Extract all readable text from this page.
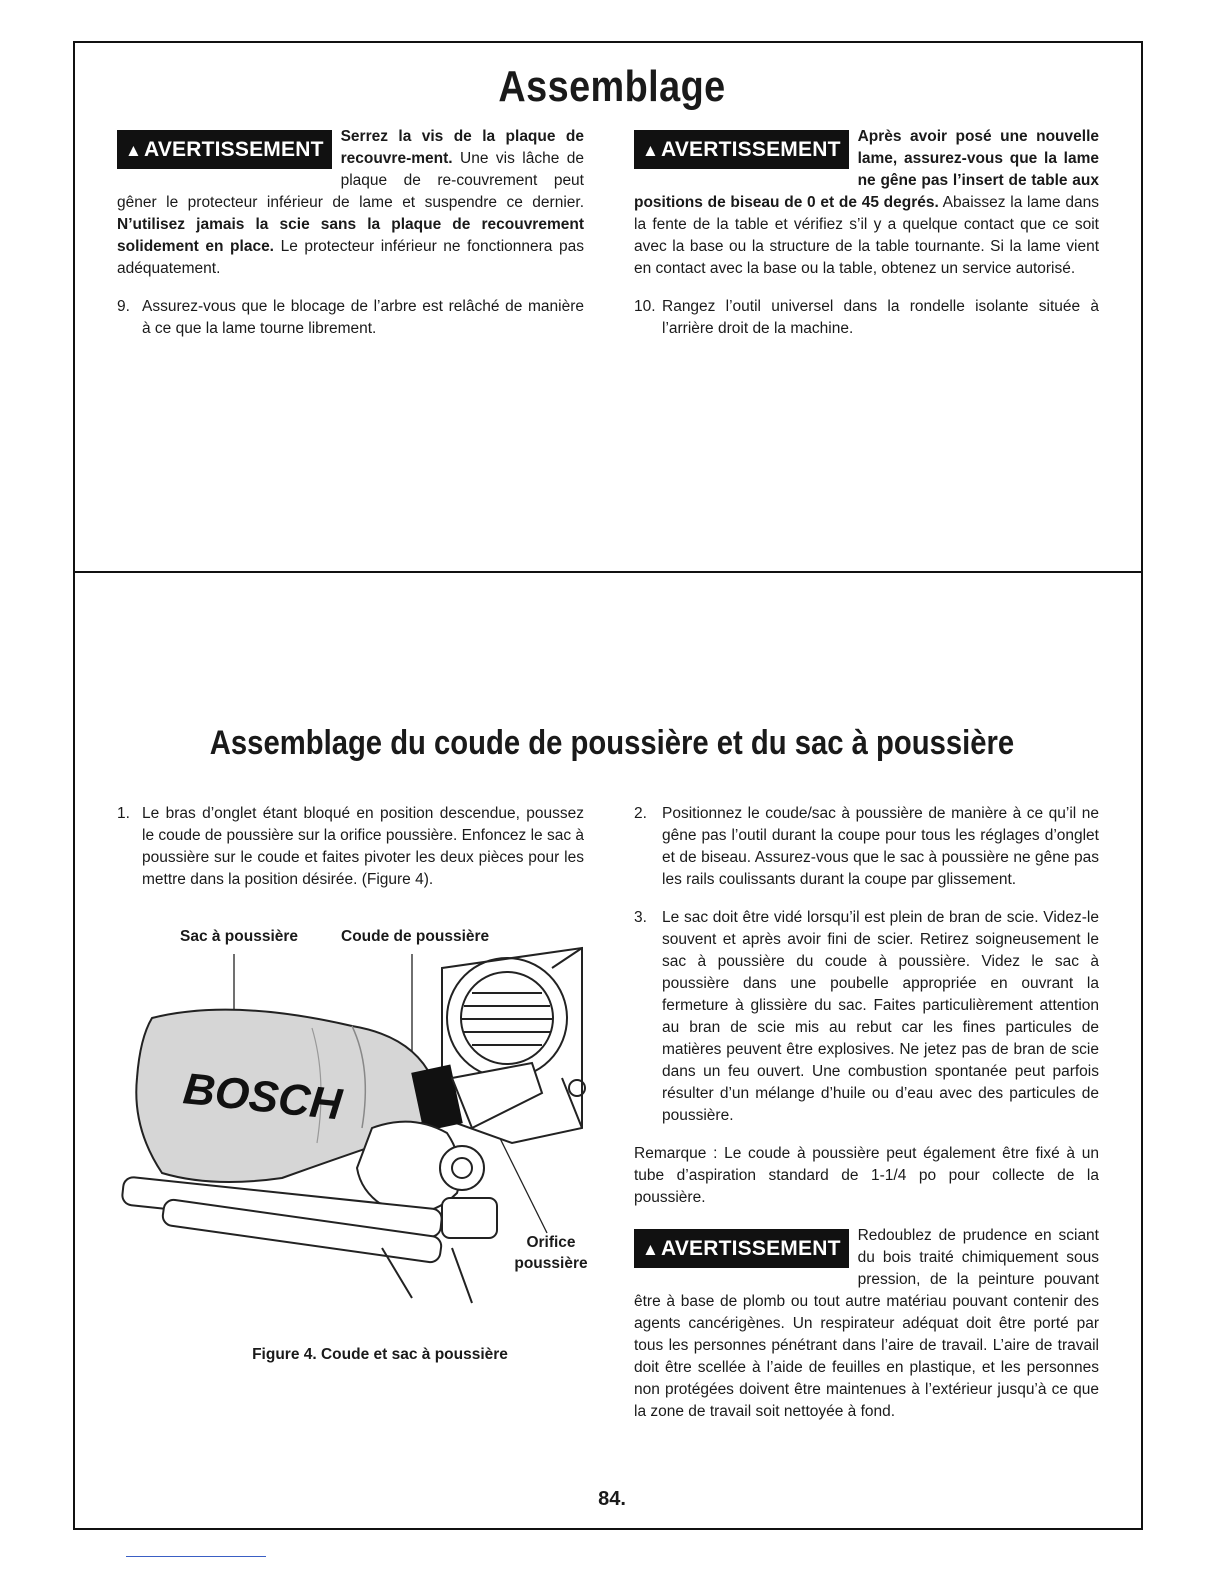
Assemblage

▲AVERTISSEMENT
Serrez la vis de la plaque de recouvre-ment. Une vis lâche de plaque de re-couvrement peut gêner le protecteur inférieur de lame et suspendre ce dernier. N’utilisez jamais la scie sans la plaque de recouvrement solidement en place. Le protecteur inférieur ne fonctionnera pas adéquatement.

9. Assurez-vous que le blocage de l’arbre est relâché de manière à ce que la lame tourne librement.

▲AVERTISSEMENT
Après avoir posé une nouvelle lame, assurez-vous que la lame ne gêne pas l’insert de table aux positions de biseau de 0 et de 45 degrés. Abaissez la lame dans la fente de la table et vérifiez s’il y a quelque contact que ce soit avec la base ou la structure de la table tournante. Si la lame vient en contact avec la base ou la table, obtenez un service autorisé.

10. Rangez l’outil universel dans la rondelle isolante située à l’arrière droit de la machine.
Assemblage du coude de poussière et du sac à poussière
1. Le bras d’onglet étant bloqué en position descendue, poussez le coude de poussière sur la orifice poussière. Enfoncez le sac à poussière sur le coude et faites pivoter les deux pièces pour les mettre dans la position désirée. (Figure 4).
Sac à poussière	Coude de poussière
Orifice
poussière
BOSCH
Figure 4. Coude et sac à poussière
2. Positionnez le coude/sac à poussière de manière à ce qu’il ne gêne pas l’outil durant la coupe pour tous les réglages d’onglet et de biseau. Assurez-vous que le sac à poussière ne gêne pas les rails coulissants durant la coupe par glissement.
3. Le sac doit être vidé lorsqu’il est plein de bran de scie. Videz-le souvent et après avoir fini de scier. Retirez soigneusement le sac à poussière du coude à poussière. Videz le sac à poussière dans une poubelle appropriée en ouvrant la fermeture à glissière du sac. Faites particulièrement attention au bran de scie mis au rebut car les fines particules de matières peuvent être explosives. Ne jetez pas de bran de scie dans un feu ouvert. Une combustion spontanée peut parfois résulter d’un mélange d’huile ou d’eau avec des particules de poussière.

Remarque : Le coude à poussière peut également être fixé à un tube d’aspiration standard de 1-1/4 po pour collecte de la poussière.

▲AVERTISSEMENT
Redoublez de prudence en sciant du bois traité chimiquement sous pression, de la peinture pouvant être à base de plomb ou tout autre matériau pouvant contenir des agents cancérigènes. Un respirateur adéquat doit être porté par tous les personnes pénétrant dans l’aire de travail. L’aire de travail doit être scellée à l’aide de feuilles en plastique, et les personnes non protégées doivent être maintenues à l’extérieur jusqu’à ce que la zone de travail soit nettoyée à fond.

84.
